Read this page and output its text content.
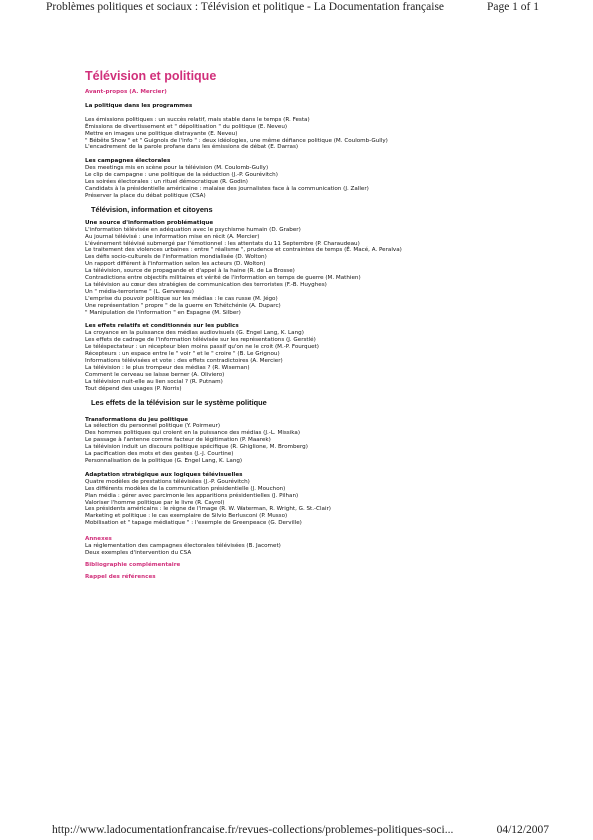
Problèmes politiques et sociaux : Télévision et politique - La Documentation française	Page 1 of 1
Télévision et politique
Avant-propos (A. Mercier)
La politique dans les programmes
Les émissions politiques : un succès relatif, mais stable dans le temps (R. Festa)
Émissions de divertissement et " dépolitisation " du politique (E. Neveu)
Mettre en images une politique distrayante (E. Neveu)
" Bébête Show " et " Guignols de l'info " : deux idéologies, une même défiance politique (M. Coulomb-Gully)
L'encadrement de la parole profane dans les émissions de débat (E. Darras)
Les campagnes électorales
Des meetings mis en scène pour la télévision (M. Coulomb-Gully)
Le clip de campagne : une politique de la séduction (J.-P. Gourévitch)
Les soirées électorales : un rituel démocratique (R. Godin)
Candidats à la présidentielle américaine : malaise des journalistes face à la communication (J. Zaller)
Préserver la place du débat politique (CSA)
Télévision, information et citoyens
Une source d'information problématique
L'information télévisée en adéquation avec le psychisme humain (D. Graber)
Au journal télévisé : une information mise en récit (A. Mercier)
L'événement télévisé submergé par l'émotionnel : les attentats du 11 Septembre (P. Charaudeau)
Le traitement des violences urbaines : entre " réalisme ", prudence et contraintes de temps (É. Macé, A. Peralva)
Les défis socio-culturels de l'information mondialisée (D. Wolton)
Un rapport différent à l'information selon les acteurs (D. Wolton)
La télévision, source de propagande et d'appel à la haine (R. de La Brosse)
Contradictions entre objectifs militaires et vérité de l'information en temps de guerre (M. Mathien)
La télévision au cœur des stratégies de communication des terroristes (F.-B. Huyghes)
Un " média-terrorisme " (L. Gervereau)
L'emprise du pouvoir politique sur les médias : le cas russe (M. Jégo)
Une représentation " propre " de la guerre en Tchétchénie (A. Duparc)
" Manipulation de l'information " en Espagne (M. Silber)
Les effets relatifs et conditionnés sur les publics
La croyance en la puissance des médias audiovisuels (G. Engel Lang, K. Lang)
Les effets de cadrage de l'information télévisée sur les représentations (J. Gerstlé)
Le téléspectateur : un récepteur bien moins passif qu'on ne le croit (M.-P. Fourquet)
Récepteurs : un espace entre le " voir " et le " croire " (B. Le Grignou)
Informations télévisées et vote : des effets contradictoires (A. Mercier)
La télévision : le plus trompeur des médias ? (R. Wiseman)
Comment le cerveau se laisse berner (A. Oliviero)
La télévision nuit-elle au lien social ? (R. Putnam)
Tout dépend des usages (P. Norris)
Les effets de la télévision sur le système politique
Transformations du jeu politique
La sélection du personnel politique (Y. Poirmeur)
Des hommes politiques qui croient en la puissance des médias (J.-L. Missika)
Le passage à l'antenne comme facteur de légitimation (P. Maarek)
La télévision induit un discours politique spécifique (R. Ghiglione, M. Bromberg)
La pacification des mots et des gestes (J.-J. Courtine)
Personnalisation de la politique (G. Engel Lang, K. Lang)
Adaptation stratégique aux logiques télévisuelles
Quatre modèles de prestations télévisées (J.-P. Gourévitch)
Les différents modèles de la communication présidentielle (J. Mouchon)
Plan média : gérer avec parcimonie les apparitions présidentielles (J. Pilhan)
Valoriser l'homme politique par le livre (R. Cayrol)
Les présidents américains : le règne de l'image (R. W. Waterman, R. Wright, G. St.-Clair)
Marketing et politique : le cas exemplaire de Silvio Berlusconi (P. Musso)
Mobilisation et " tapage médiatique " : l'exemple de Greenpeace (G. Derville)
Annexes
La réglementation des campagnes électorales télévisées (B. Jacomet)
Deux exemples d'intervention du CSA
Bibliographie complémentaire
Rappel des références
http://www.ladocumentationfrancaise.fr/revues-collections/problemes-politiques-soci...	04/12/2007
